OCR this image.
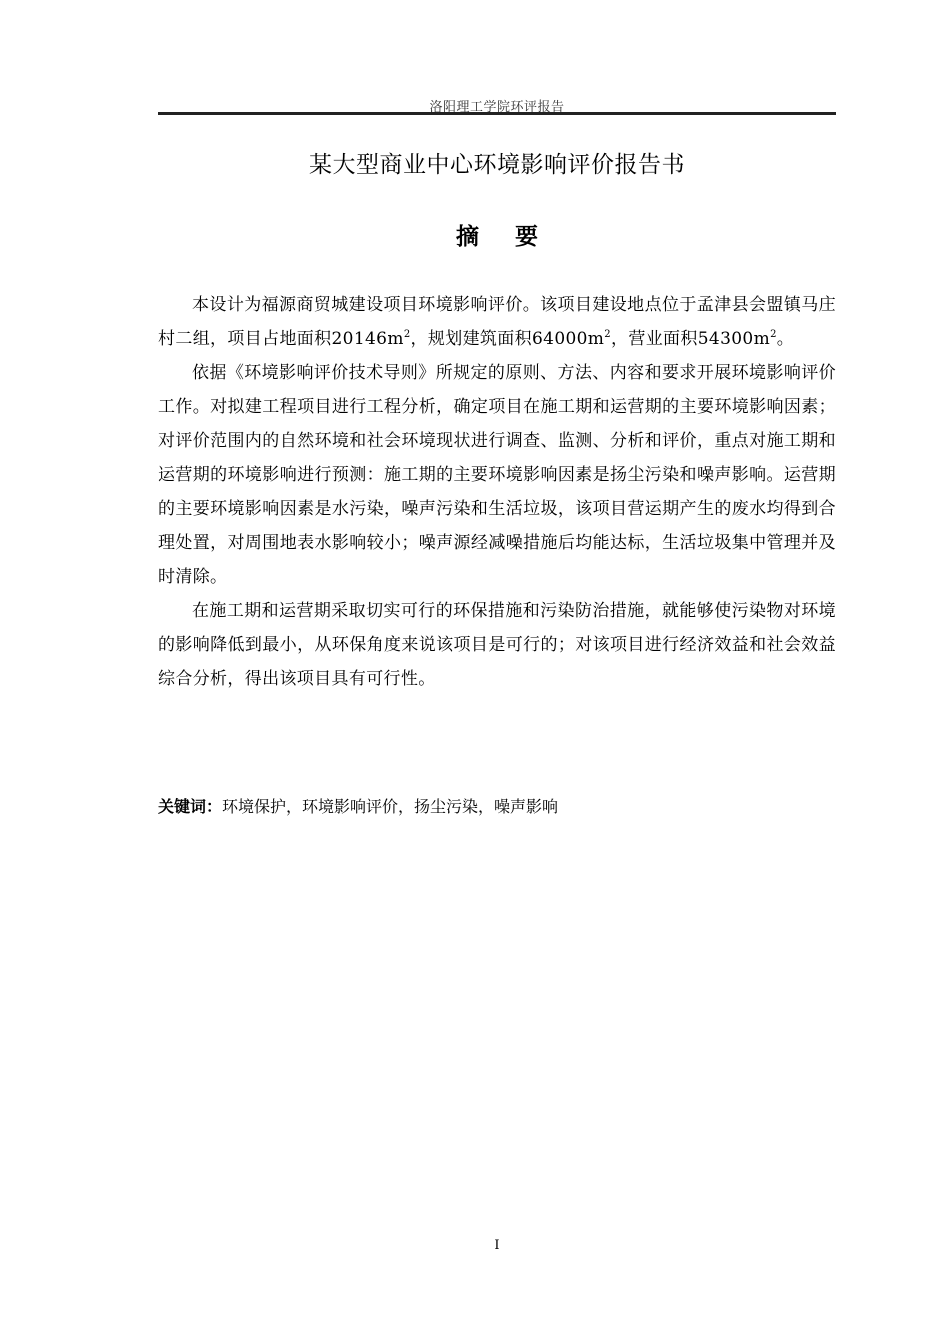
洛阳理工学院环评报告
某大型商业中心环境影响评价报告书
摘 要

本设计为福源商贸城建设项目环境影响评价。该项目建设地点位于孟津县会盟镇马庄村二组，项目占地面积$20146m^2$，规划建筑面积$64000m^2$，营业面积$54300m^2$。

依据《环境影响评价技术导则》所规定的原则、方法、内容和要求开展环境影响评价工作。对拟建工程项目进行工程分析，确定项目在施工期和运营期的主要环境影响因素；对评价范围内的自然环境和社会环境现状进行调查、监测、分析和评价，重点对施工期和运营期的环境影响进行预测：施工期的主要环境影响因素是扬尘污染和噪声影响。运营期的主要环境影响因素是水污染，噪声污染和生活垃圾，该项目营运期产生的废水均得到合理处置，对周围地表水影响较小；噪声源经减噪措施后均能达标，生活垃圾集中管理并及时清除。

在施工期和运营期采取切实可行的环保措施和污染防治措施，就能够使污染物对环境的影响降低到最小，从环保角度来说该项目是可行的；对该项目进行经济效益和社会效益综合分析，得出该项目具有可行性。

关键词：环境保护，环境影响评价，扬尘污染，噪声影响
I
